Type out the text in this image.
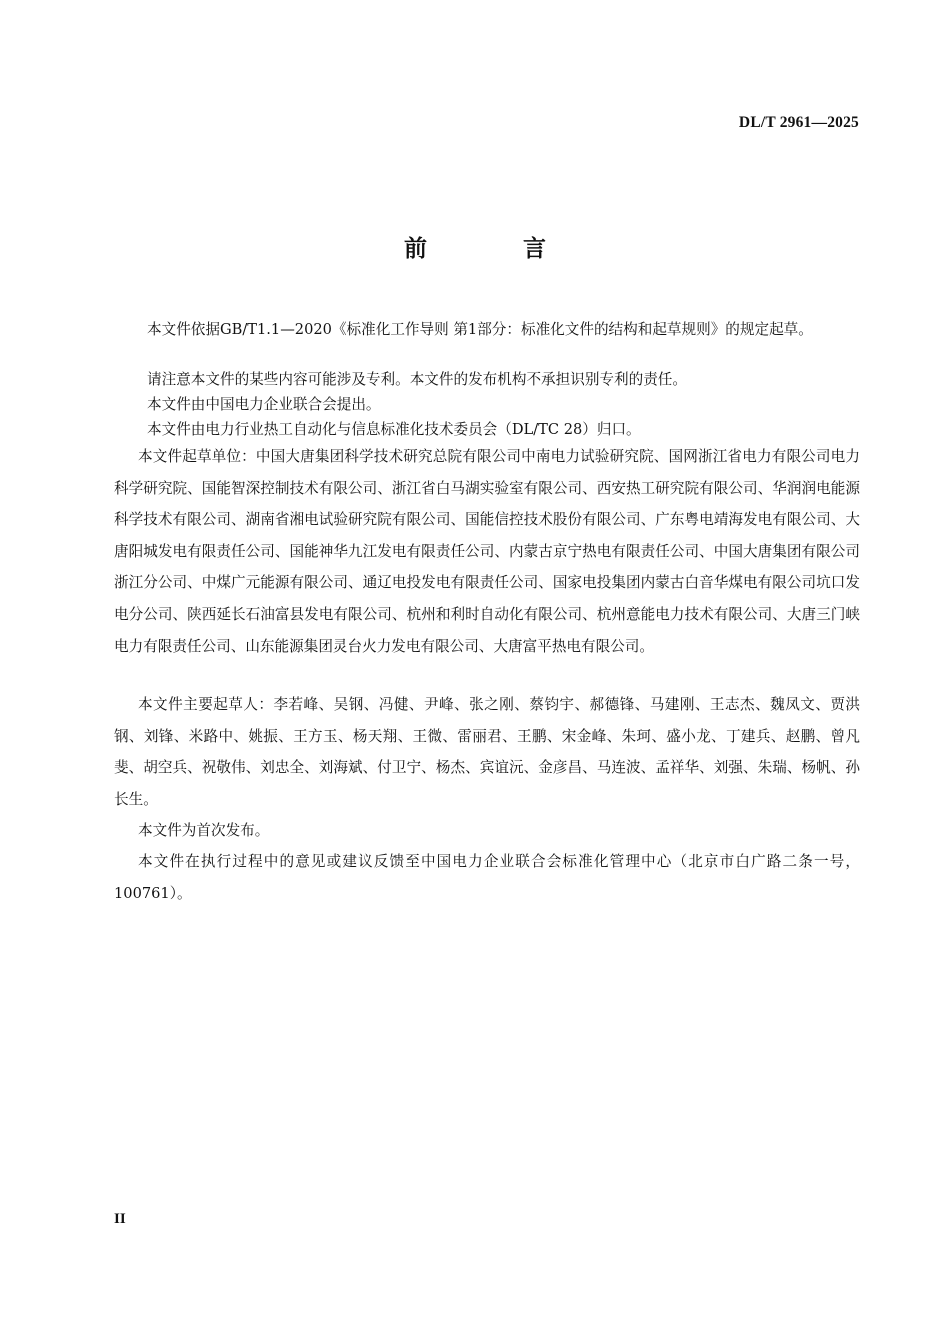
DL/T 2961—2025
前 言

本文件依据GB/T1.1—2020《标准化工作导则 第1部分：标准化文件的结构和起草规则》的规定起草。

请注意本文件的某些内容可能涉及专利。本文件的发布机构不承担识别专利的责任。

本文件由中国电力企业联合会提出。

本文件由电力行业热工自动化与信息标准化技术委员会（DL/TC 28）归口。

本文件起草单位：中国大唐集团科学技术研究总院有限公司中南电力试验研究院、国网浙江省电力有限公司电力科学研究院、国能智深控制技术有限公司、浙江省白马湖实验室有限公司、西安热工研究院有限公司、华润润电能源科学技术有限公司、湖南省湘电试验研究院有限公司、国能信控技术股份有限公司、广东粤电靖海发电有限公司、大唐阳城发电有限责任公司、国能神华九江发电有限责任公司、内蒙古京宁热电有限责任公司、中国大唐集团有限公司浙江分公司、中煤广元能源有限公司、通辽电投发电有限责任公司、国家电投集团内蒙古白音华煤电有限公司坑口发电分公司、陕西延长石油富县发电有限公司、杭州和利时自动化有限公司、杭州意能电力技术有限公司、大唐三门峡电力有限责任公司、山东能源集团灵台火力发电有限公司、大唐富平热电有限公司。

本文件主要起草人：李若峰、吴钢、冯健、尹峰、张之刚、蔡钧宇、郝德锋、马建刚、王志杰、魏凤文、贾洪钢、刘锋、米路中、姚振、王方玉、杨天翔、王微、雷丽君、王鹏、宋金峰、朱珂、盛小龙、丁建兵、赵鹏、曾凡斐、胡空兵、祝敬伟、刘忠全、刘海斌、付卫宁、杨杰、宾谊沅、金彦昌、马连波、孟祥华、刘强、朱瑞、杨帆、孙长生。

本文件为首次发布。

本文件在执行过程中的意见或建议反馈至中国电力企业联合会标准化管理中心（北京市白广路二条一号，100761）。

II
